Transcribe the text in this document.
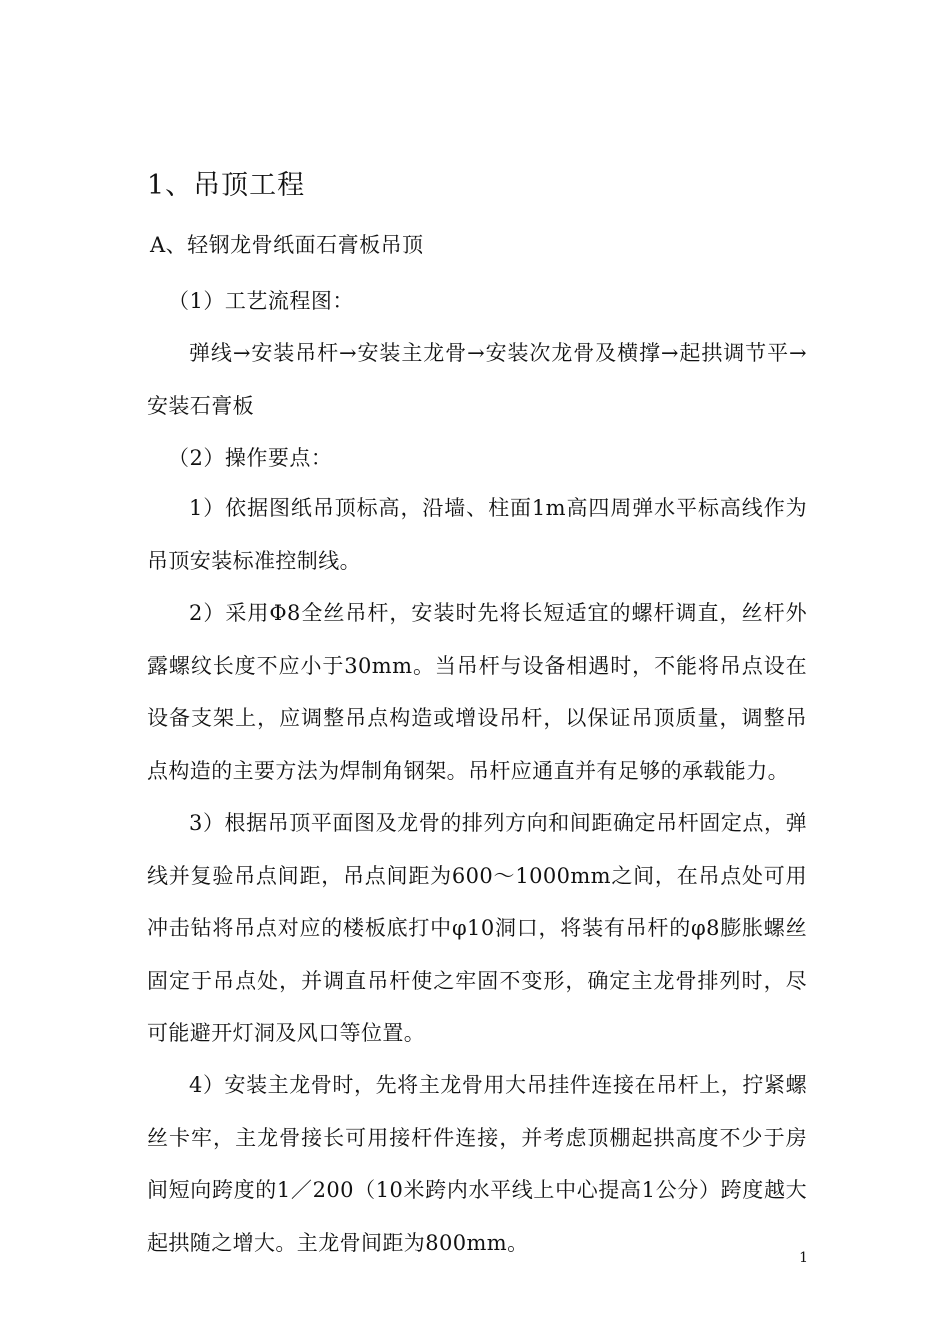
1、吊顶工程
A、轻钢龙骨纸面石膏板吊顶
（1）工艺流程图：
弹线→安装吊杆→安装主龙骨→安装次龙骨及横撑→起拱调节平→安装石膏板
（2）操作要点：
1）依据图纸吊顶标高，沿墙、柱面1m高四周弹水平标高线作为吊顶安装标准控制线。
2）采用Φ8全丝吊杆，安装时先将长短适宜的螺杆调直，丝杆外露螺纹长度不应小于30mm。当吊杆与设备相遇时，不能将吊点设在设备支架上，应调整吊点构造或增设吊杆，以保证吊顶质量，调整吊点构造的主要方法为焊制角钢架。吊杆应通直并有足够的承载能力。
3）根据吊顶平面图及龙骨的排列方向和间距确定吊杆固定点，弹线并复验吊点间距，吊点间距为600～1000mm之间，在吊点处可用冲击钻将吊点对应的楼板底打中φ10洞口，将装有吊杆的φ8膨胀螺丝固定于吊点处，并调直吊杆使之牢固不变形，确定主龙骨排列时，尽可能避开灯洞及风口等位置。
4）安装主龙骨时，先将主龙骨用大吊挂件连接在吊杆上，拧紧螺丝卡牢，主龙骨接长可用接杆件连接，并考虑顶棚起拱高度不少于房间短向跨度的1／200（10米跨内水平线上中心提高1公分）跨度越大起拱随之增大。主龙骨间距为800mm。
1
